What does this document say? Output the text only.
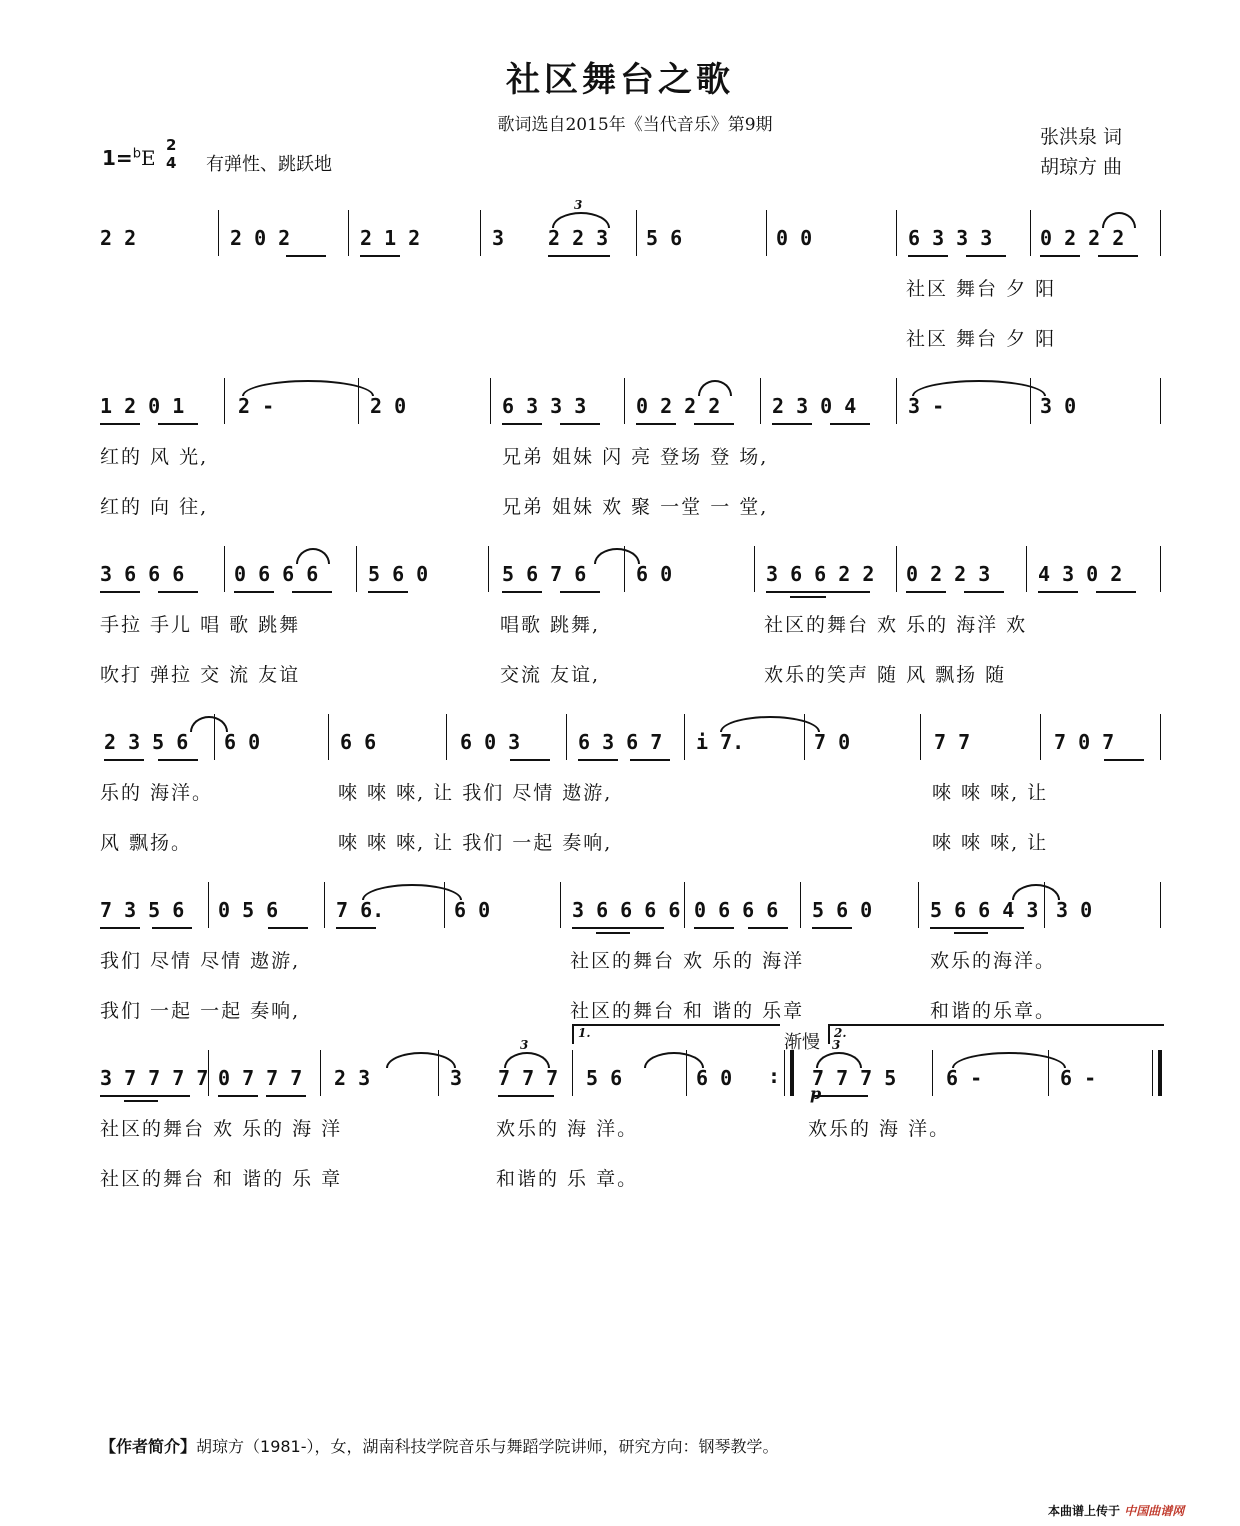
社区舞台之歌
歌词选自2015年《当代音乐》第9期
张洪泉 词
胡琼方 曲
1=$^b$E
2
4 有弹性、跳跃地
2 2	2 0 2	2 1 2	3 2 2 3
3
5 6	0 0	6 3 3 3 0 2 2 2
社区 舞台 夕 阳
社区 舞台 夕 阳
1 2 0 1	2 -	2 0	6 3 3 3 0 2 2 2	2 3 0 4	3 -	3 0
红的 风 光,	兄弟 姐妹 闪 亮 登场 登 场,
红的 向 往,	兄弟 姐妹 欢 聚 一堂 一 堂,
3 6 6 6 0 6 6 6 5 6 0	5 6 7 6 6 0	3 6 6 2 2 0 2 2 3 4 3 0 2
手拉 手儿 唱 歌 跳舞	唱歌 跳舞,	社区的舞台 欢 乐的 海洋 欢
吹打 弹拉 交 流 友谊	交流 友谊,	欢乐的笑声 随 风 飘扬 随
2 3 5 6 6 0	6 6	6 0 3	6 3 6 7 i 7.	7 0	7 7	7 0 7
乐的 海洋。	唻 唻 唻, 让 我们 尽情 遨游,	唻 唻 唻, 让
风 飘扬。	唻 唻 唻, 让 我们 一起 奏响,	唻 唻 唻, 让
7 3 5 6 0 5 6	7 6.	6 0	3 6 6 6 6 0 6 6 6 5 6 0	5 6 6 4 3 3 0
我们 尽情 尽情 遨游,	社区的舞台 欢 乐的 海洋	欢乐的海洋。
我们 一起 一起 奏响,	社区的舞台 和 谐的 乐章	和谐的乐章。
3 7 7 7 7 0 7 7 7 2 3	3 7 7 7
3
1.
5 6	6 0 :
渐慢 2.
7 7 7 5
3
p
6 -	6 -
社区的舞台 欢 乐的 海 洋	欢乐的 海 洋。	欢乐的 海 洋。
社区的舞台 和 谐的 乐 章	和谐的 乐 章。
【作者简介】胡琼方（1981-），女，湖南科技学院音乐与舞蹈学院讲师，研究方向：钢琴教学。
本曲谱上传于 中国曲谱网
